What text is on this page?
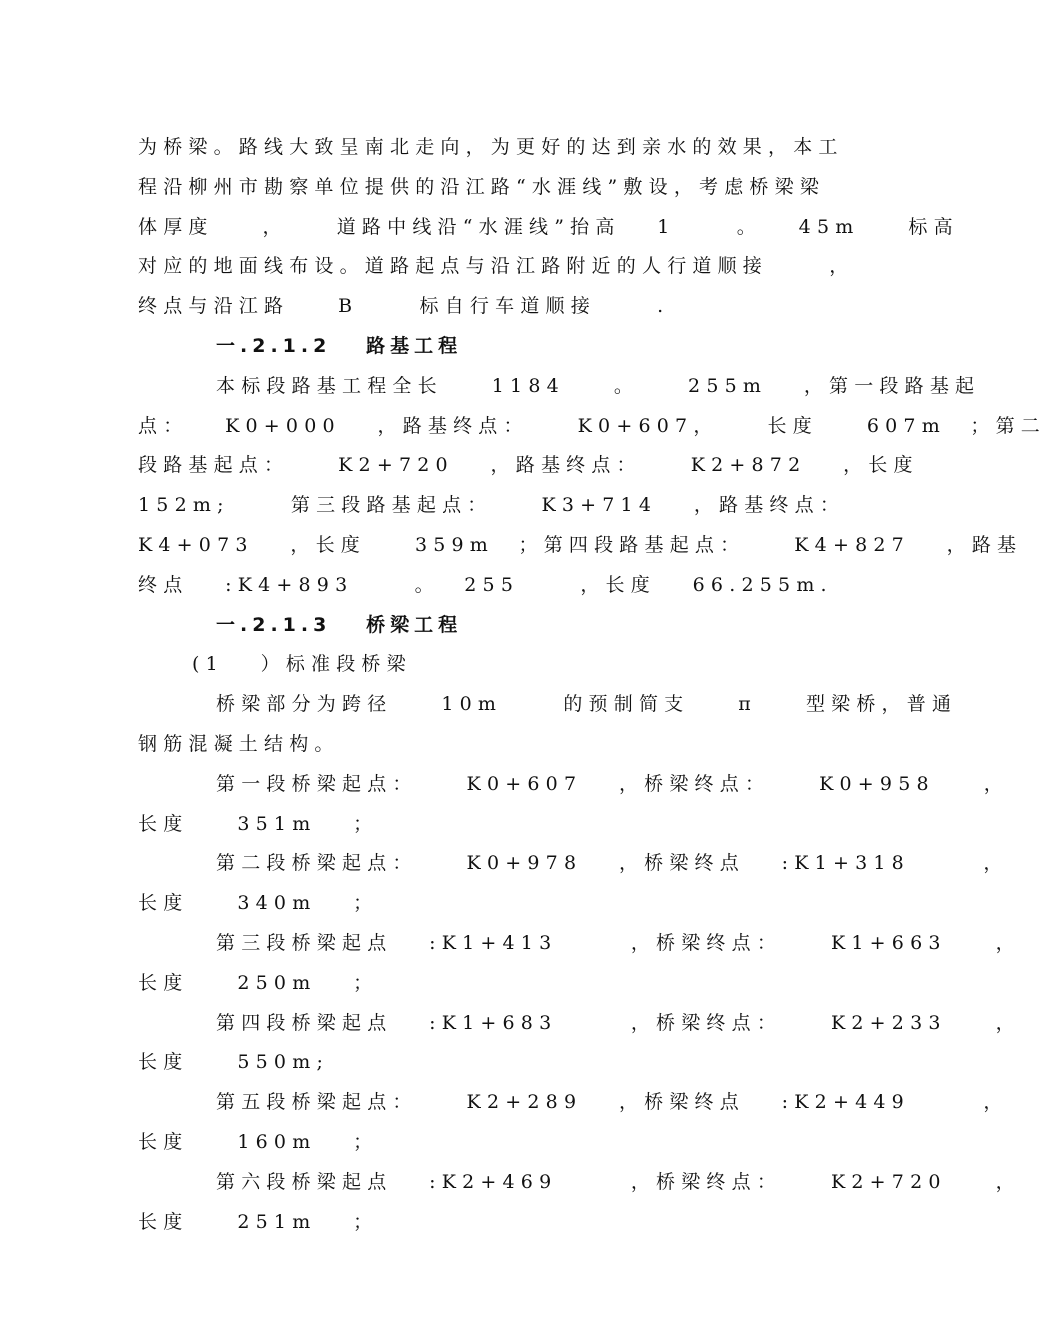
为桥梁。路线大致呈南北走向，为更好的达到亲水的效果，本工
程沿柳州市勘察单位提供的沿江路“水涯线”敷设，考虑桥梁梁
体厚度    ，    道路中线沿“水涯线”抬高   1     。   45m    标高
对应的地面线布设。道路起点与沿江路附近的人行道顺接     ，
终点与沿江路    B     标自行车道顺接     .
一.2.1.2   路基工程
本标段路基工程全长    1184    。    255m   ，第一段路基起
点：   K0+000   ，路基终点：    K0+607，    长度    607m  ；第二
段路基起点：    K2+720   ，路基终点：    K2+872   ，长度
152m;     第三段路基起点：    K3+714   ，路基终点：
K4+073   ，长度    359m  ；第四段路基起点：    K4+827   ，路基
终点   :K4+893     。  255     ，长度   66.255m.
一.2.1.3   桥梁工程
(1   ）标准段桥梁
桥梁部分为跨径    10m     的预制简支    π    型梁桥，普通
钢筋混凝土结构。
第一段桥梁起点：    K0+607   ，桥梁终点：    K0+958    ，
长度    351m   ；
第二段桥梁起点：    K0+978   ，桥梁终点   :K1+318      ，
长度    340m   ；
第三段桥梁起点   :K1+413      ，桥梁终点：    K1+663    ，
长度    250m   ；
第四段桥梁起点   :K1+683      ，桥梁终点：    K2+233    ，
长度    550m;
第五段桥梁起点：    K2+289   ，桥梁终点   :K2+449      ，
长度    160m   ；
第六段桥梁起点   :K2+469      ，桥梁终点：    K2+720    ，
长度    251m   ；
